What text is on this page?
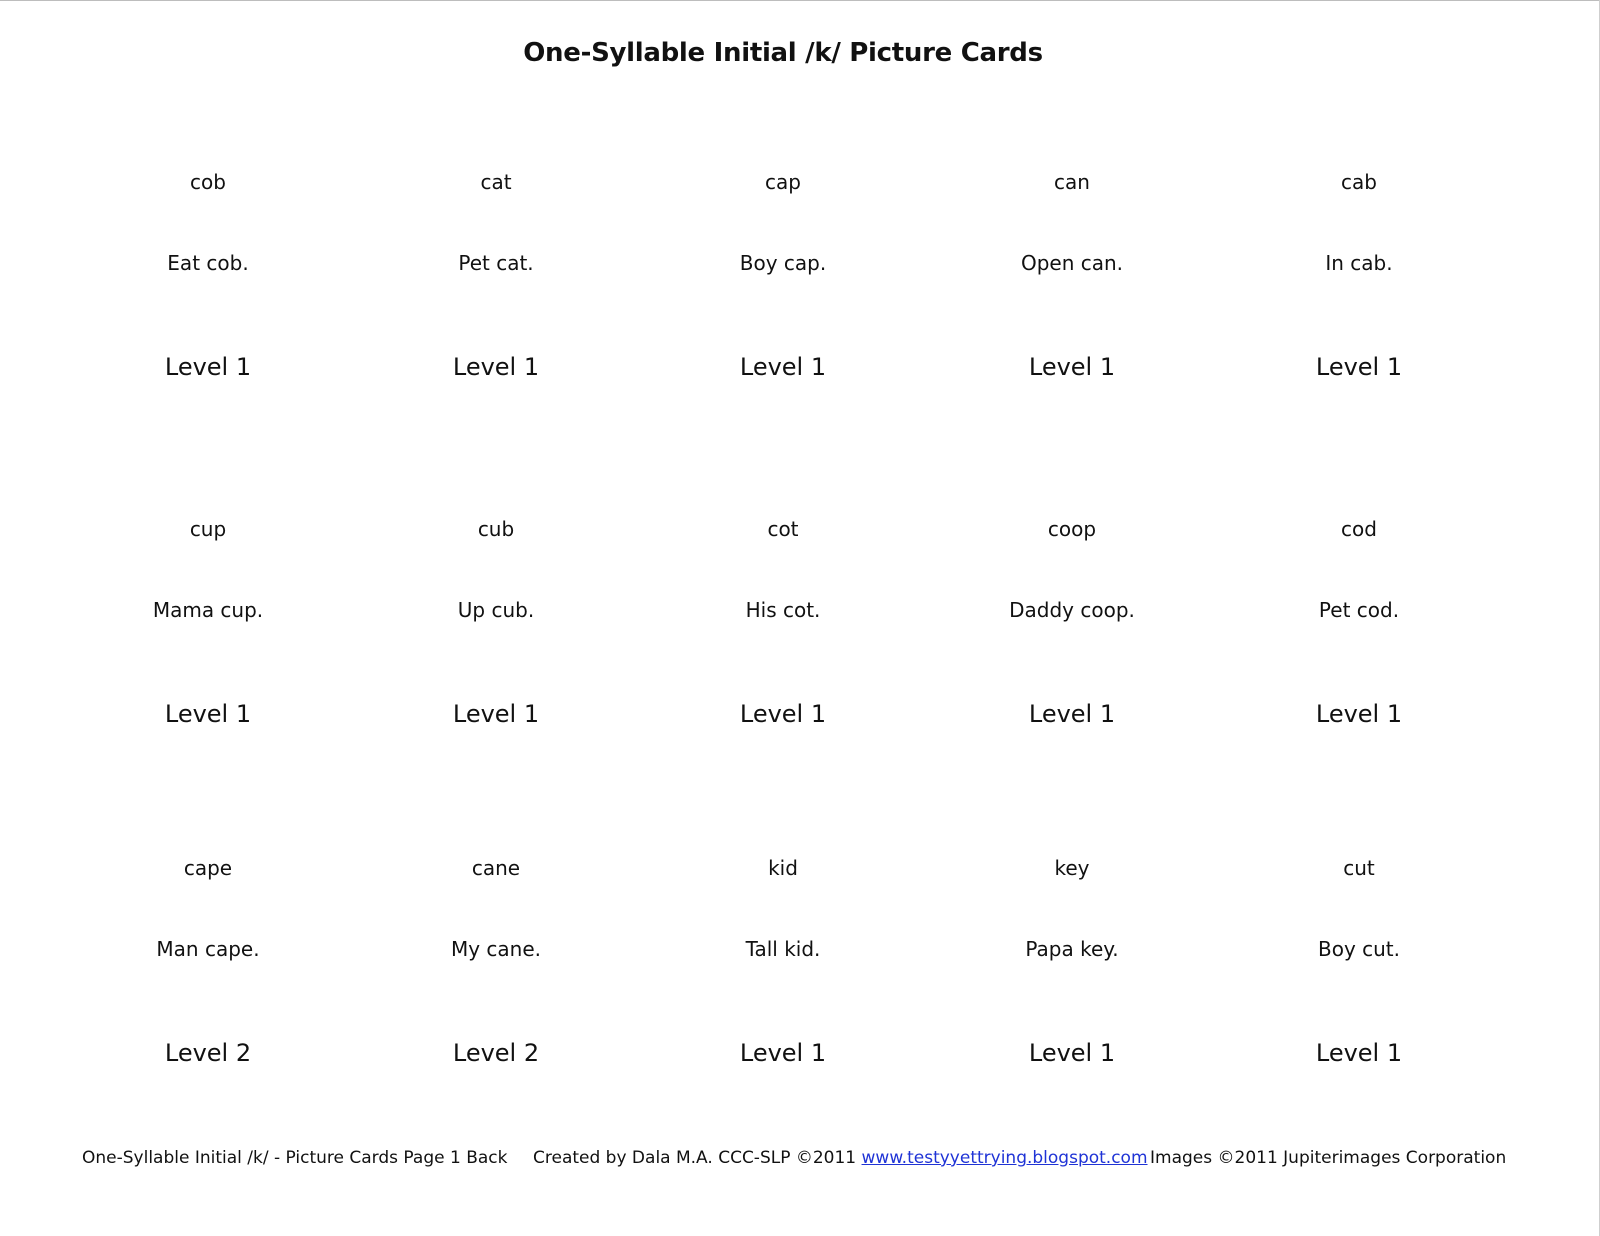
One-Syllable Initial /k/ Picture Cards
cob
Eat cob.
Level 1
cat
Pet cat.
Level 1
cap
Boy cap.
Level 1
can
Open can.
Level 1
cab
In cab.
Level 1
cup
Mama cup.
Level 1
cub
Up cub.
Level 1
cot
His cot.
Level 1
coop
Daddy coop.
Level 1
cod
Pet cod.
Level 1
cape
Man cape.
Level 2
cane
My cane.
Level 2
kid
Tall kid.
Level 1
key
Papa key.
Level 1
cut
Boy cut.
Level 1
One-Syllable Initial /k/ - Picture Cards Page 1 Back Created by Dala M.A. CCC-SLP ©2011 www.testyyettrying.blogspot.com Images ©2011 Jupiterimages Corporation
